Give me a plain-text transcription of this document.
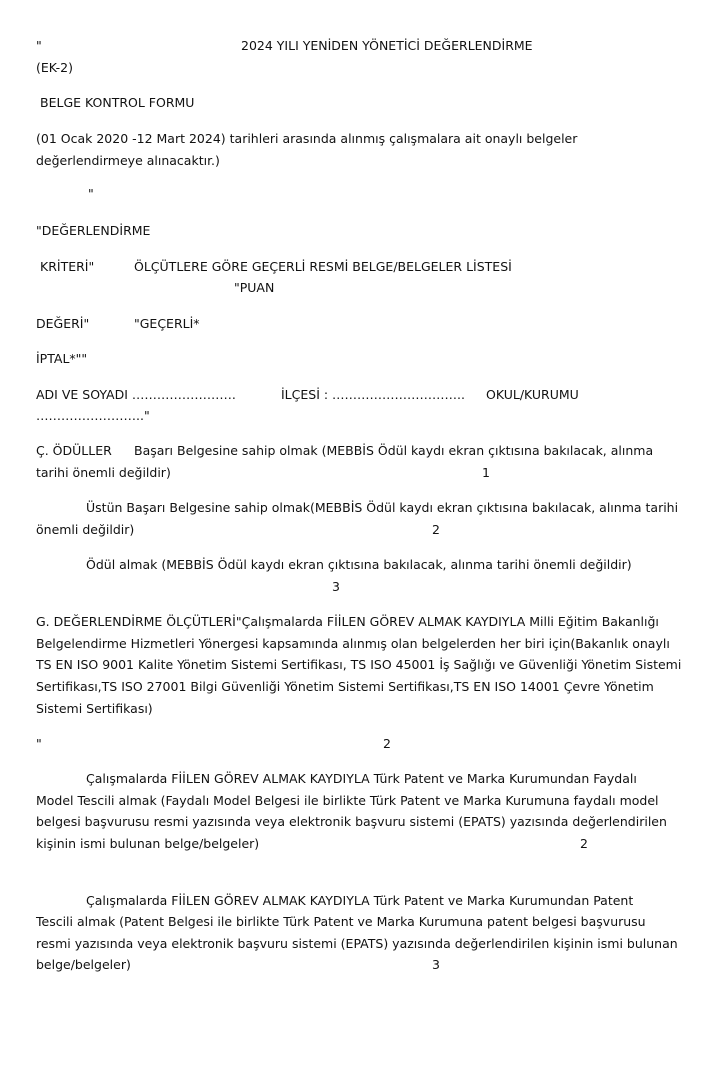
"	2024 YILI YENİDEN YÖNETİCİ DEĞERLENDİRME
(EK-2)
BELGE KONTROL FORMU
(01 Ocak 2020 -12 Mart 2024) tarihleri arasında alınmış çalışmalara ait onaylı belgeler
değerlendirmeye alınacaktır.)
"
"DEĞERLENDİRME
KRİTERİ"	ÖLÇÜTLERE GÖRE GEÇERLİ RESMİ BELGE/BELGELER LİSTESİ
"PUAN
DEĞERİ"	"GEÇERLİ*
İPTAL*""
ADI VE SOYADI …………………….	İLÇESİ : ………………………….. OKUL/KURUMU
…………………….."
Ç. ÖDÜLLER Başarı Belgesine sahip olmak (MEBBİS Ödül kaydı ekran çıktısına bakılacak, alınma
tarihi önemli değildir)	1
Üstün Başarı Belgesine sahip olmak(MEBBİS Ödül kaydı ekran çıktısına bakılacak, alınma tarihi
önemli değildir)	2
Ödül almak (MEBBİS Ödül kaydı ekran çıktısına bakılacak, alınma tarihi önemli değildir)
3
G. DEĞERLENDİRME ÖLÇÜTLERİ"Çalışmalarda FİİLEN GÖREV ALMAK KAYDIYLA Milli Eğitim Bakanlığı
Belgelendirme Hizmetleri Yönergesi kapsamında alınmış olan belgelerden her biri için(Bakanlık onaylı
TS EN ISO 9001 Kalite Yönetim Sistemi Sertifikası, TS ISO 45001 İş Sağlığı ve Güvenliği Yönetim Sistemi
Sertifikası,TS ISO 27001 Bilgi Güvenliği Yönetim Sistemi Sertifikası,TS EN ISO 14001 Çevre Yönetim
Sistemi Sertifikası)
"	2
Çalışmalarda FİİLEN GÖREV ALMAK KAYDIYLA Türk Patent ve Marka Kurumundan Faydalı
Model Tescili almak (Faydalı Model Belgesi ile birlikte Türk Patent ve Marka Kurumuna faydalı model
belgesi başvurusu resmi yazısında veya elektronik başvuru sistemi (EPATS) yazısında değerlendirilen
kişinin ismi bulunan belge/belgeler)	2
Çalışmalarda FİİLEN GÖREV ALMAK KAYDIYLA Türk Patent ve Marka Kurumundan Patent
Tescili almak (Patent Belgesi ile birlikte Türk Patent ve Marka Kurumuna patent belgesi başvurusu
resmi yazısında veya elektronik başvuru sistemi (EPATS) yazısında değerlendirilen kişinin ismi bulunan
belge/belgeler)	3
